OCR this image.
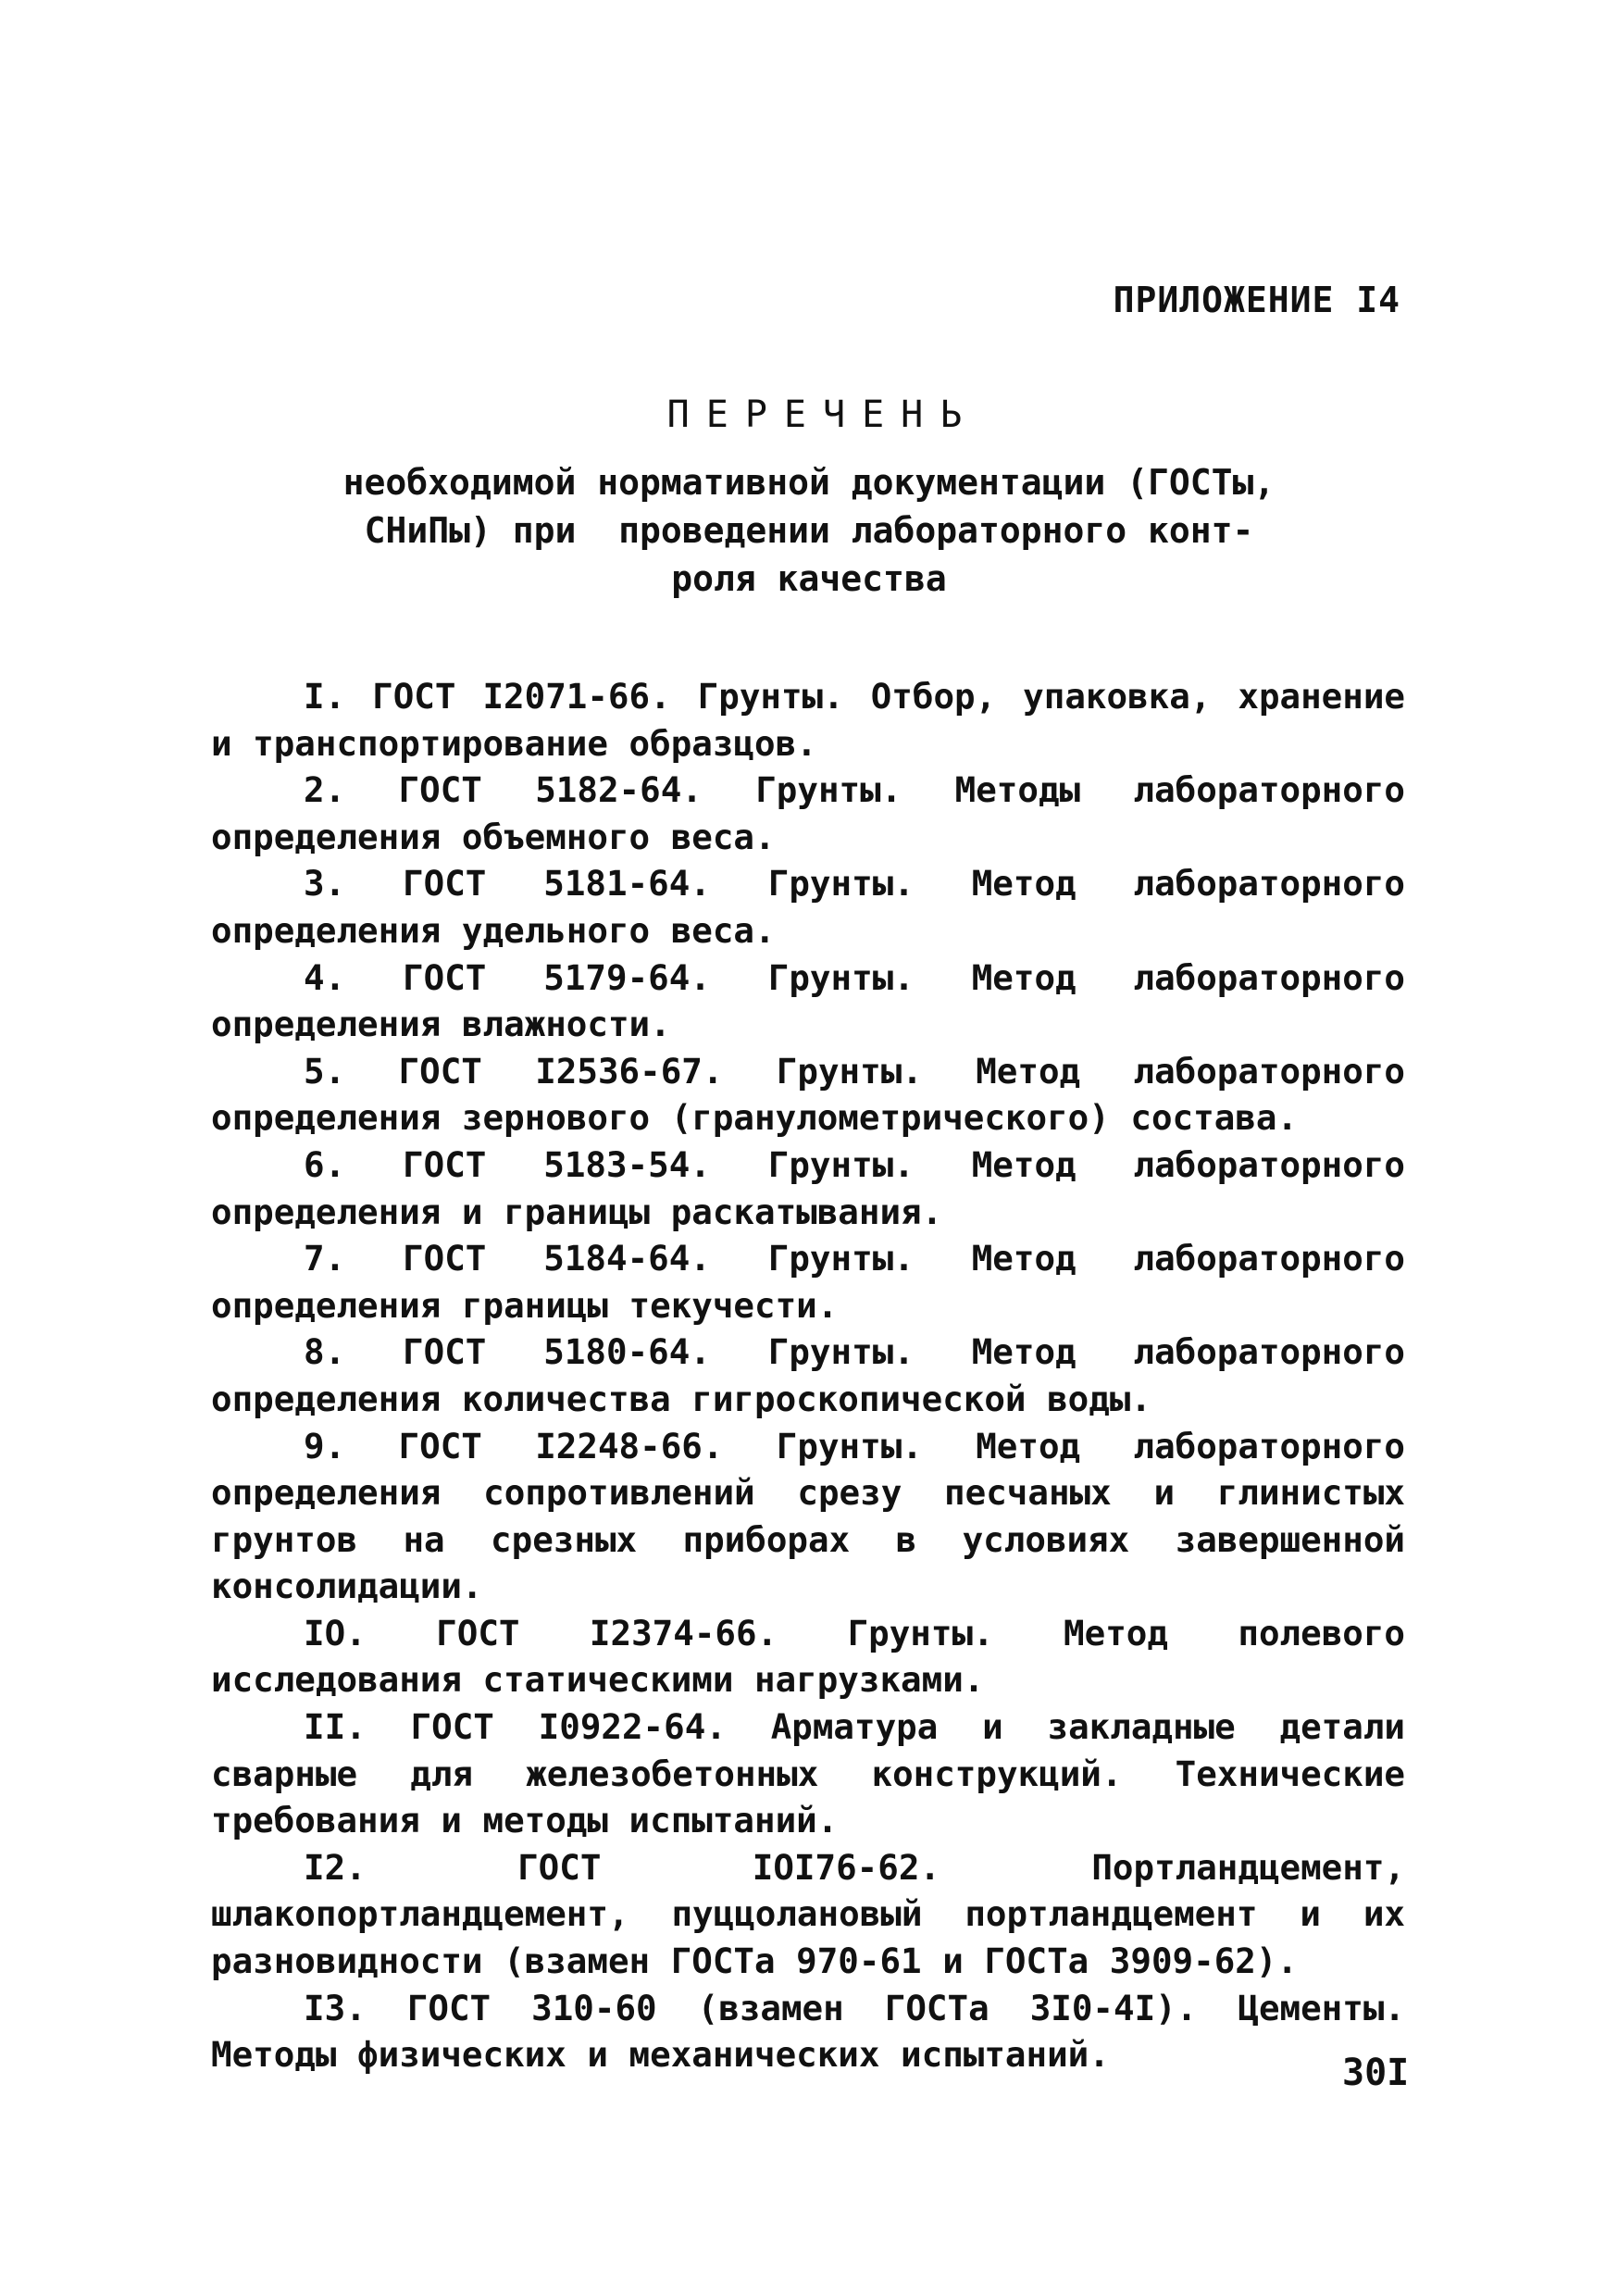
ПРИЛОЖЕНИЕ I4
ПЕРЕЧЕНЬ
необходимой нормативной документации (ГОСТы,
СНиПы) при  проведении лабораторного конт-
роля качества

I. ГОСТ I2071-66. Грунты. Отбор, упаковка, хранение и транспортирование образцов.

2. ГОСТ 5182-64. Грунты. Методы лабораторного определения объемного веса.

3. ГОСТ 5181-64. Грунты. Метод лабораторного определения удельного веса.

4. ГОСТ 5179-64. Грунты. Метод лабораторного определения влажности.

5. ГОСТ I2536-67. Грунты. Метод лабораторного определения зернового (гранулометрического) состава.

6. ГОСТ 5183-54. Грунты. Метод лабораторного определения и границы раскатывания.

7. ГОСТ 5184-64. Грунты. Метод лабораторного определения границы текучести.

8. ГОСТ 5180-64. Грунты. Метод лабораторного определения количества гигроскопической воды.

9. ГОСТ I2248-66. Грунты. Метод лабораторного определения сопротивлений срезу песчаных и глинистых грунтов на срезных приборах в условиях завершенной консолидации.

IO. ГОСТ I2374-66. Грунты. Метод полевого исследования статическими нагрузками.

II. ГОСТ I0922-64. Арматура и закладные детали сварные для железобетонных конструкций. Технические требования и методы испытаний.

I2. ГОСТ IOI76-62. Портландцемент, шлакопортландцемент, пуццолановый портландцемент и их разновидности (взамен ГОСТа 970-61 и ГОСТа 3909-62).

I3. ГОСТ 310-60 (взамен ГОСТа 3I0-4I). Цементы. Методы физических и механических испытаний.	30I
